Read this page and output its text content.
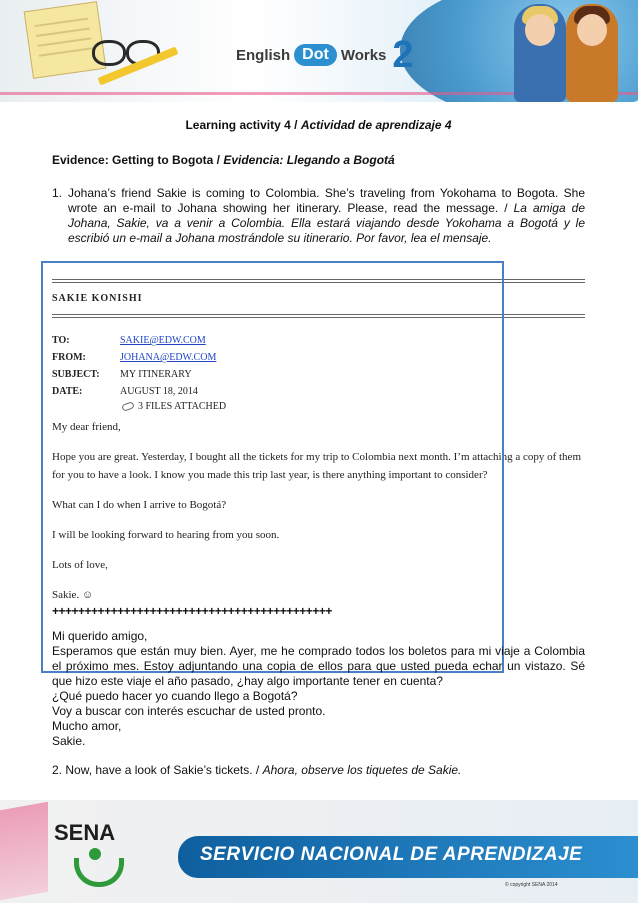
English Dot Works 2

Learning activity 4 / Actividad de aprendizaje 4

Evidence: Getting to Bogota / Evidencia: Llegando a Bogotá
1. Johana’s friend Sakie is coming to Colombia. She’s traveling from Yokohama to Bogota. She wrote an e-mail to Johana showing her itinerary. Please, read the message. / La amiga de Johana, Sakie, va a venir a Colombia. Ella estará viajando desde Yokohama a Bogotá y le escribió un e-mail a Johana mostrándole su itinerario. Por favor, lea el mensaje.
SAKIE KONISHI
TO:	SAKIE@EDW.COM
FROM:	JOHANA@EDW.COM
SUBJECT:	MY ITINERARY
DATE:	AUGUST 18, 2014
3 FILES ATTACHED

My dear friend,

Hope you are great. Yesterday, I bought all the tickets for my trip to Colombia next month. I’m attaching a copy of them for you to have a look. I know you made this trip last year, is there anything important to consider?

What can I do when I arrive to Bogotá?

I will be looking forward to hearing from you soon.

Lots of love,

Sakie. ☺

+++++++++++++++++++++++++++++++++++++++++++
Mi querido amigo,
Esperamos que están muy bien. Ayer, me he comprado todos los boletos para mi viaje a Colombia el próximo mes. Estoy adjuntando una copia de ellos para que usted pueda echar un vistazo. Sé que hizo este viaje el año pasado, ¿hay algo importante tener en cuenta?
¿Qué puedo hacer yo cuando llego a Bogotá?
Voy a buscar con interés escuchar de usted pronto.
Mucho amor,
Sakie.
2. Now, have a look of Sakie’s tickets. / Ahora, observe los tiquetes de Sakie.
SERVICIO NACIONAL DE APRENDIZAJE
SENA
© copyright SENA 2014
